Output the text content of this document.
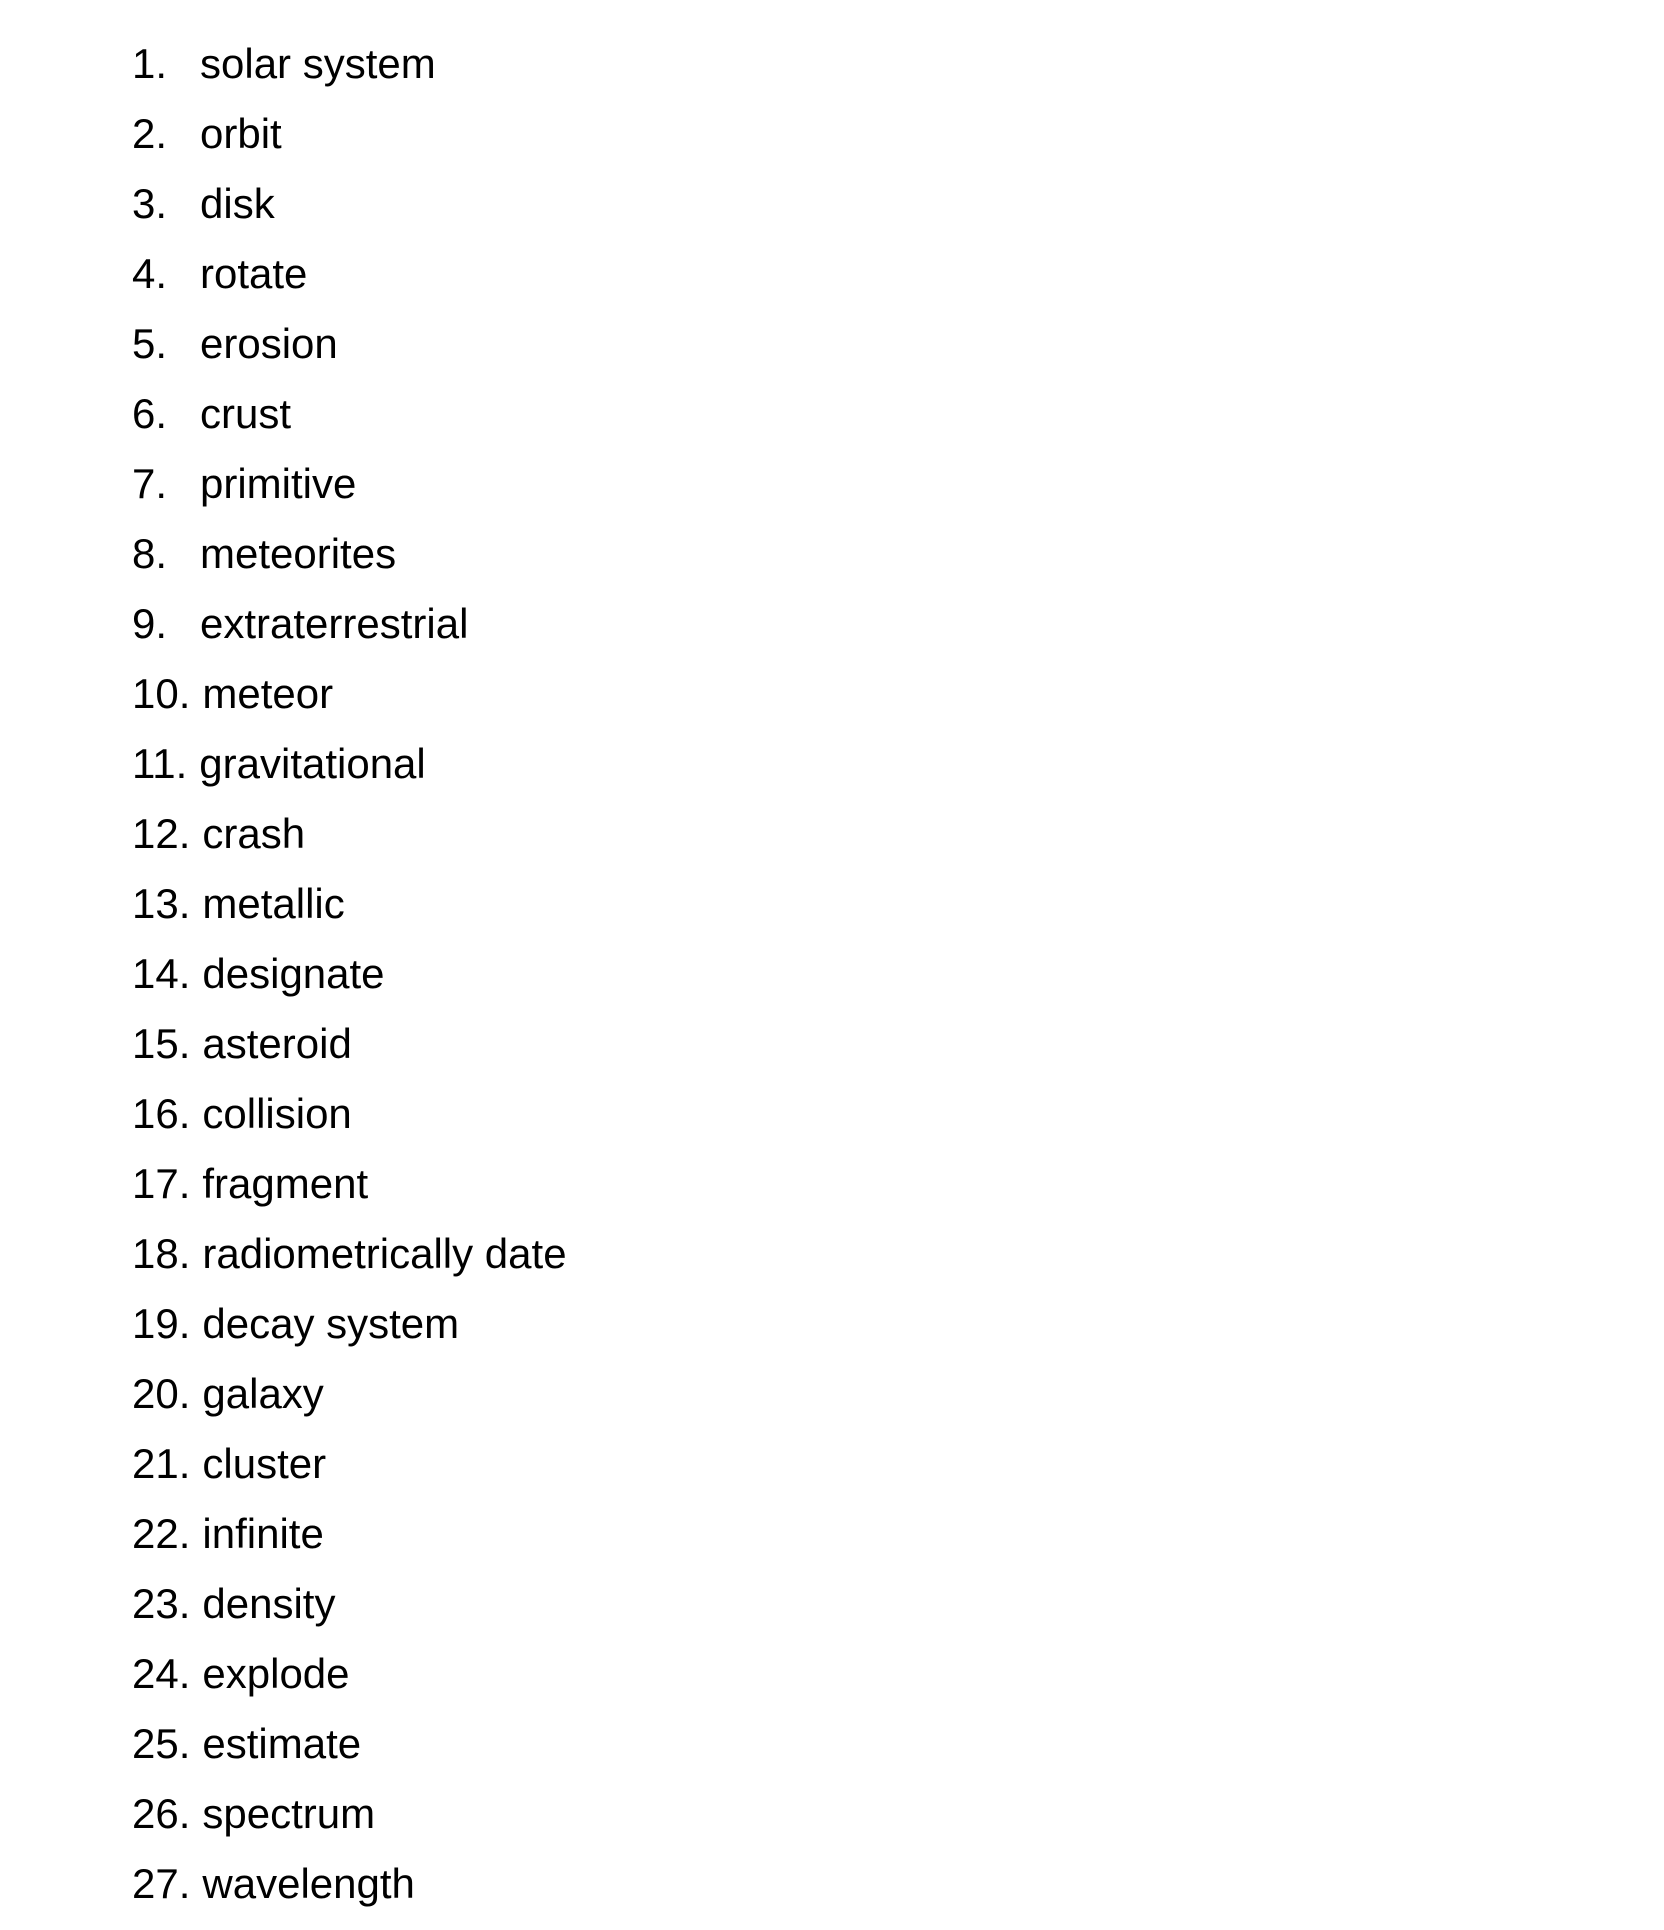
1. solar system
2. orbit
3. disk
4. rotate
5. erosion
6. crust
7. primitive
8. meteorites
9. extraterrestrial
10. meteor
11. gravitational
12. crash
13. metallic
14. designate
15. asteroid
16. collision
17. fragment
18. radiometrically date
19. decay system
20. galaxy
21. cluster
22. infinite
23. density
24. explode
25. estimate
26. spectrum
27. wavelength
